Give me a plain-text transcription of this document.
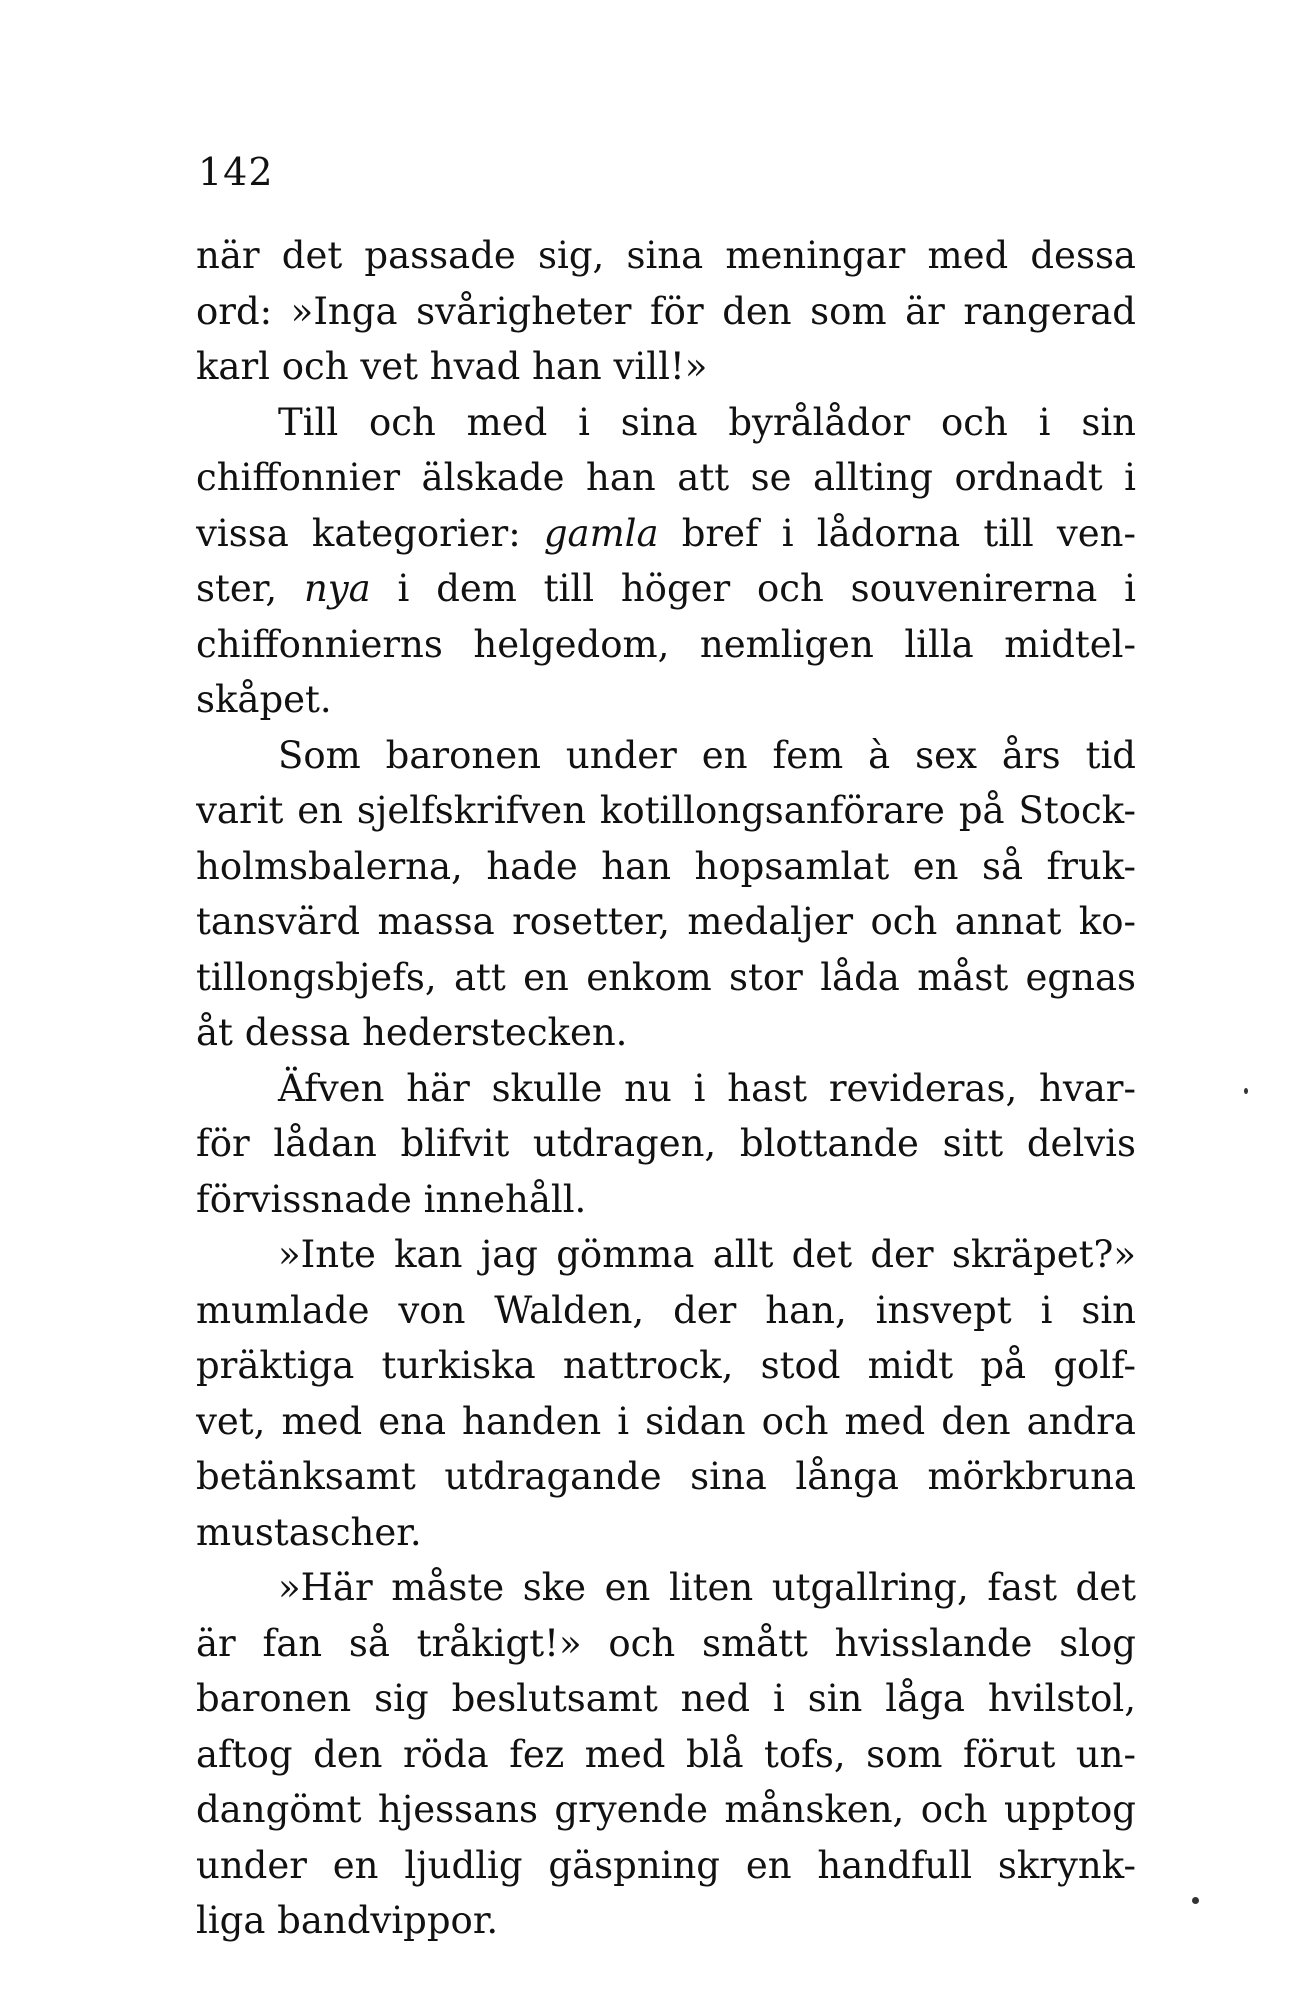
142
när det passade sig, sina meningar med dessa
ord: »Inga svårigheter för den som är rangerad
karl och vet hvad han vill!»
Till och med i sina byrålådor och i sin
chiffonnier älskade han att se allting ordnadt i
vissa kategorier: gamla bref i lådorna till ven-
ster, nya i dem till höger och souvenirerna i
chiffonnierns helgedom, nemligen lilla midtel-
skåpet.
Som baronen under en fem à sex års tid
varit en sjelfskrifven kotillongsanförare på Stock-
holmsbalerna, hade han hopsamlat en så fruk-
tansvärd massa rosetter, medaljer och annat ko-
tillongsbjefs, att en enkom stor låda måst egnas
åt dessa hederstecken.
Äfven här skulle nu i hast revideras, hvar-
för lådan blifvit utdragen, blottande sitt delvis
förvissnade innehåll.
»Inte kan jag gömma allt det der skräpet?»
mumlade von Walden, der han, insvept i sin
präktiga turkiska nattrock, stod midt på golf-
vet, med ena handen i sidan och med den andra
betänksamt utdragande sina långa mörkbruna
mustascher.
»Här måste ske en liten utgallring, fast det
är fan så tråkigt!» och smått hvisslande slog
baronen sig beslutsamt ned i sin låga hvilstol,
aftog den röda fez med blå tofs, som förut un-
dangömt hjessans gryende månsken, och upptog
under en ljudlig gäspning en handfull skrynk-
liga bandvippor.
